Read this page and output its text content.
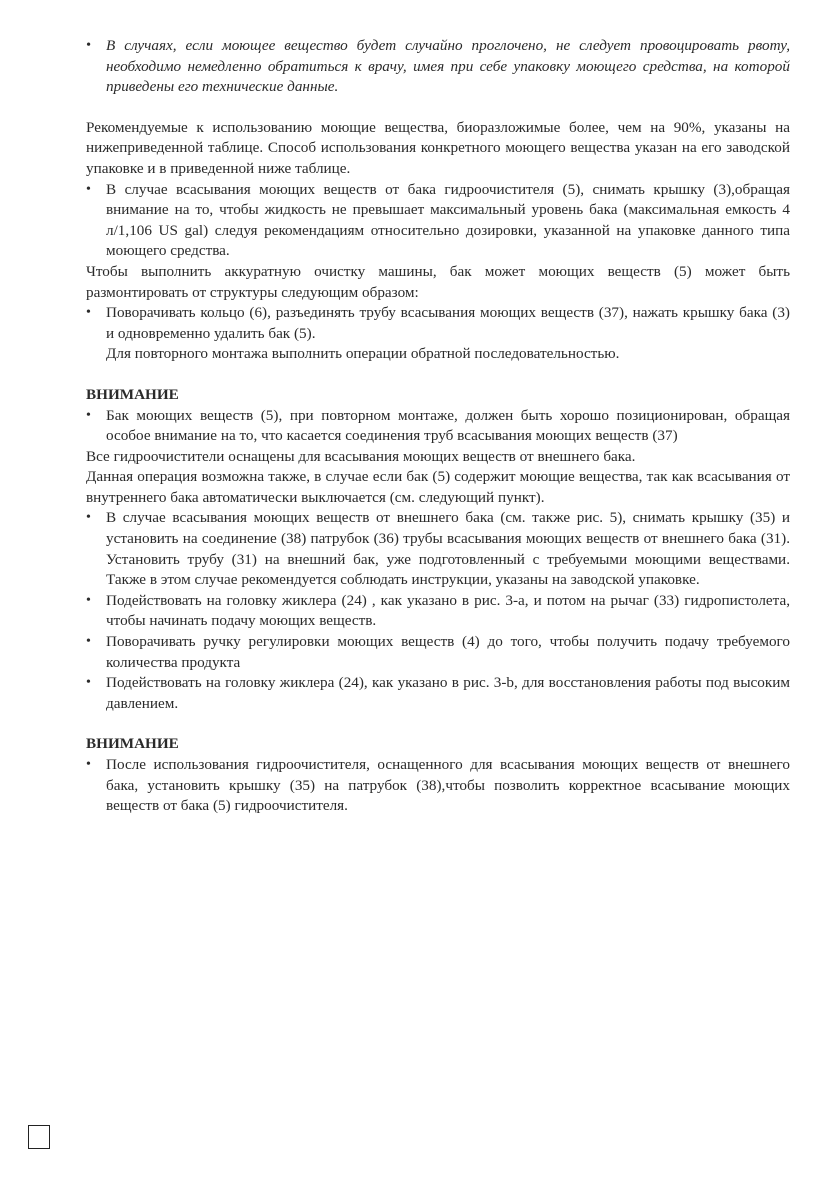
• В случаях, если моющее вещество будет случайно проглочено, не следует провоцировать рвоту, необходимо немедленно обратиться к врачу, имея при себе упаковку моющего средства, на которой приведены его технические данные.

Рекомендуемые к использованию моющие вещества, биоразложимые более, чем на 90%, указаны на нижеприведенной таблице. Способ использования конкретного моющего вещества указан на его заводской упаковке и в приведенной ниже таблице.

• В случае всасывания моющих веществ от бака гидроочистителя (5), снимать крышку (3),обращая внимание на то, чтобы жидкость не превышает максимальный уровень бака (максимальная емкость 4 л/1,106 US gal) следуя рекомендациям относительно дозировки, указанной на упаковке данного типа моющего средства.

Чтобы выполнить аккуратную очистку машины, бак может моющих веществ (5) может быть размонтировать от структуры следующим образом:

• Поворачивать кольцо (6), разъединять трубу всасывания моющих веществ (37), нажать крышку бака (3) и одновременно удалить бак (5).

Для повторного монтажа выполнить операции обратной последовательностью.

ВНИМАНИЕ

• Бак моющих веществ (5), при повторном монтаже, должен быть хорошо позиционирован, обращая особое внимание на то, что касается соединения труб всасывания моющих веществ (37)

Все гидроочистители оснащены для всасывания моющих веществ от внешнего бака.

Данная операция возможна также, в случае если бак (5) содержит моющие вещества, так как всасывания от внутреннего бака автоматически выключается (см. следующий пункт).

• В случае всасывания моющих веществ от внешнего бака (см. также рис. 5), снимать крышку (35) и установить на соединение (38) патрубок (36) трубы всасывания моющих веществ от внешнего бака (31). Установить трубу (31) на внешний бак, уже подготовленный с требуемыми моющими веществами. Также в этом случае рекомендуется соблюдать инструкции, указаны на заводской упаковке.

• Подействовать на головку жиклера (24) , как указано в рис. 3-а, и потом на рычаг (33) гидропистолета, чтобы начинать подачу моющих веществ.

• Поворачивать ручку регулировки моющих веществ (4) до того, чтобы получить подачу требуемого количества продукта

• Подействовать на головку жиклера (24), как указано в рис. 3-b, для восстановления работы под высоким давлением.

ВНИМАНИЕ

• После использования гидроочистителя, оснащенного для всасывания моющих веществ от внешнего бака, установить крышку (35) на патрубок (38),чтобы позволить корректное всасывание моющих веществ от бака (5) гидроочистителя.
